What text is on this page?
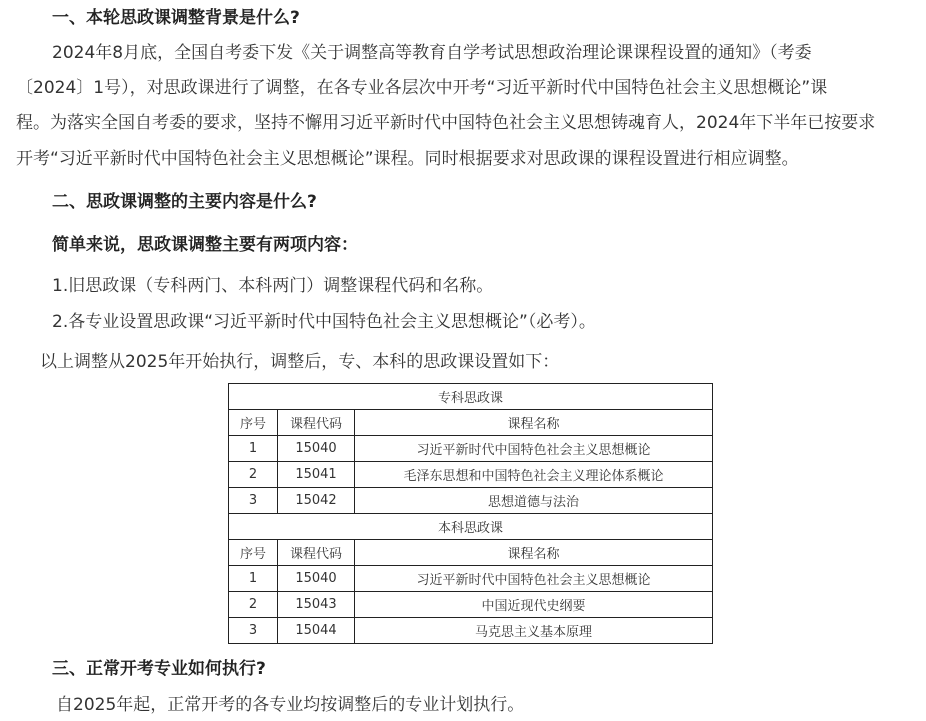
一、本轮思政课调整背景是什么?
2024年8月底，全国自考委下发《关于调整高等教育自学考试思想政治理论课课程设置的通知》（考委
〔2024〕1号），对思政课进行了调整，在各专业各层次中开考“习近平新时代中国特色社会主义思想概论”课
程。为落实全国自考委的要求，坚持不懈用习近平新时代中国特色社会主义思想铸魂育人，2024年下半年已按要求
开考“习近平新时代中国特色社会主义思想概论”课程。同时根据要求对思政课的课程设置进行相应调整。
二、思政课调整的主要内容是什么?
简单来说，思政课调整主要有两项内容：
1.旧思政课（专科两门、本科两门）调整课程代码和名称。
2.各专业设置思政课“习近平新时代中国特色社会主义思想概论”（必考）。
以上调整从2025年开始执行，调整后，专、本科的思政课设置如下：
专科思政课		
序号	课程代码	课程名称
1	15040	习近平新时代中国特色社会主义思想概论
2	15041	毛泽东思想和中国特色社会主义理论体系概论
3	15042	思想道德与法治
本科思政课		
序号	课程代码	课程名称
1	15040	习近平新时代中国特色社会主义思想概论
2	15043	中国近现代史纲要
3	15044	马克思主义基本原理
三、正常开考专业如何执行?
自2025年起，正常开考的各专业均按调整后的专业计划执行。
